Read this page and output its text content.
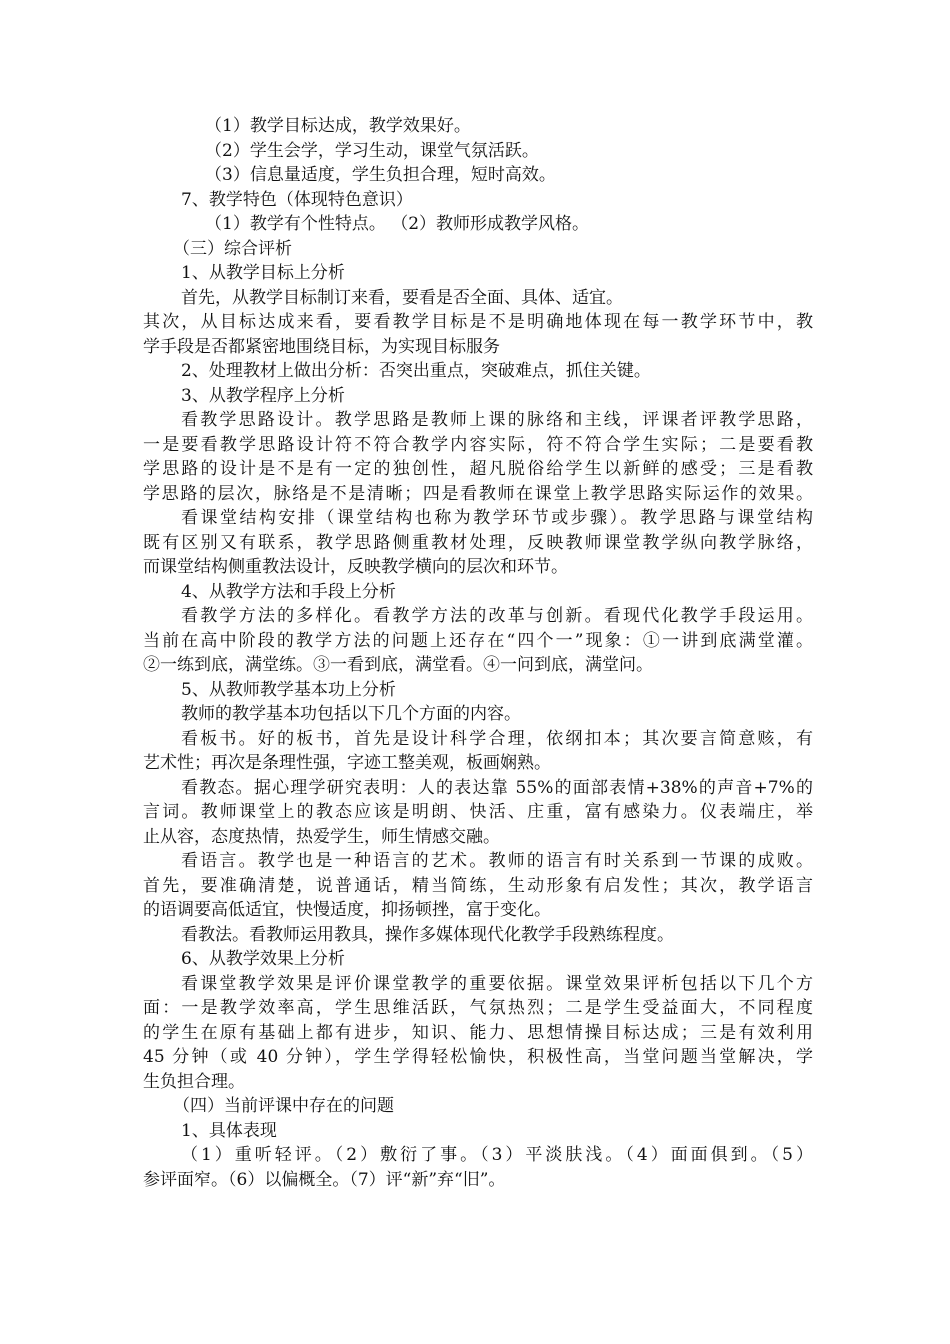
（1）教学目标达成，教学效果好。
（2）学生会学，学习生动，课堂气氛活跃。
（3）信息量适度，学生负担合理，短时高效。
7、教学特色（体现特色意识）
（1）教学有个性特点。 （2）教师形成教学风格。
（三）综合评析
1、从教学目标上分析
首先，从教学目标制订来看，要看是否全面、具体、适宜。
其次，从目标达成来看，要看教学目标是不是明确地体现在每一教学环节中，教
学手段是否都紧密地围绕目标，为实现目标服务
2、处理教材上做出分析：否突出重点，突破难点，抓住关键。
3、从教学程序上分析
看教学思路设计。教学思路是教师上课的脉络和主线，评课者评教学思路，
一是要看教学思路设计符不符合教学内容实际，符不符合学生实际；二是要看教
学思路的设计是不是有一定的独创性，超凡脱俗给学生以新鲜的感受；三是看教
学思路的层次，脉络是不是清晰；四是看教师在课堂上教学思路实际运作的效果。
看课堂结构安排（课堂结构也称为教学环节或步骤）。教学思路与课堂结构
既有区别又有联系，教学思路侧重教材处理，反映教师课堂教学纵向教学脉络，
而课堂结构侧重教法设计，反映教学横向的层次和环节。
4、从教学方法和手段上分析
看教学方法的多样化。看教学方法的改革与创新。看现代化教学手段运用。
当前在高中阶段的教学方法的问题上还存在“四个一”现象：①一讲到底满堂灌。
②一练到底，满堂练。③一看到底，满堂看。④一问到底，满堂问。
5、从教师教学基本功上分析
教师的教学基本功包括以下几个方面的内容。
看板书。好的板书，首先是设计科学合理，依纲扣本；其次要言简意赅，有
艺术性；再次是条理性强，字迹工整美观，板画娴熟。
看教态。据心理学研究表明：人的表达靠 55%的面部表情+38%的声音+7%的
言词。教师课堂上的教态应该是明朗、快活、庄重，富有感染力。仪表端庄，举
止从容，态度热情，热爱学生，师生情感交融。
看语言。教学也是一种语言的艺术。教师的语言有时关系到一节课的成败。
首先，要准确清楚，说普通话，精当简练，生动形象有启发性；其次，教学语言
的语调要高低适宜，快慢适度，抑扬顿挫，富于变化。
看教法。看教师运用教具，操作多媒体现代化教学手段熟练程度。
6、从教学效果上分析
看课堂教学效果是评价课堂教学的重要依据。课堂效果评析包括以下几个方
面：一是教学效率高，学生思维活跃，气氛热烈；二是学生受益面大，不同程度
的学生在原有基础上都有进步，知识、能力、思想情操目标达成；三是有效利用
45 分钟（或 40 分钟），学生学得轻松愉快，积极性高，当堂问题当堂解决，学
生负担合理。
（四）当前评课中存在的问题
1、具体表现
（1）重听轻评。（2）敷衍了事。（3）平淡肤浅。（4）面面俱到。（5）
参评面窄。（6）以偏概全。（7）评“新”弃“旧”。
